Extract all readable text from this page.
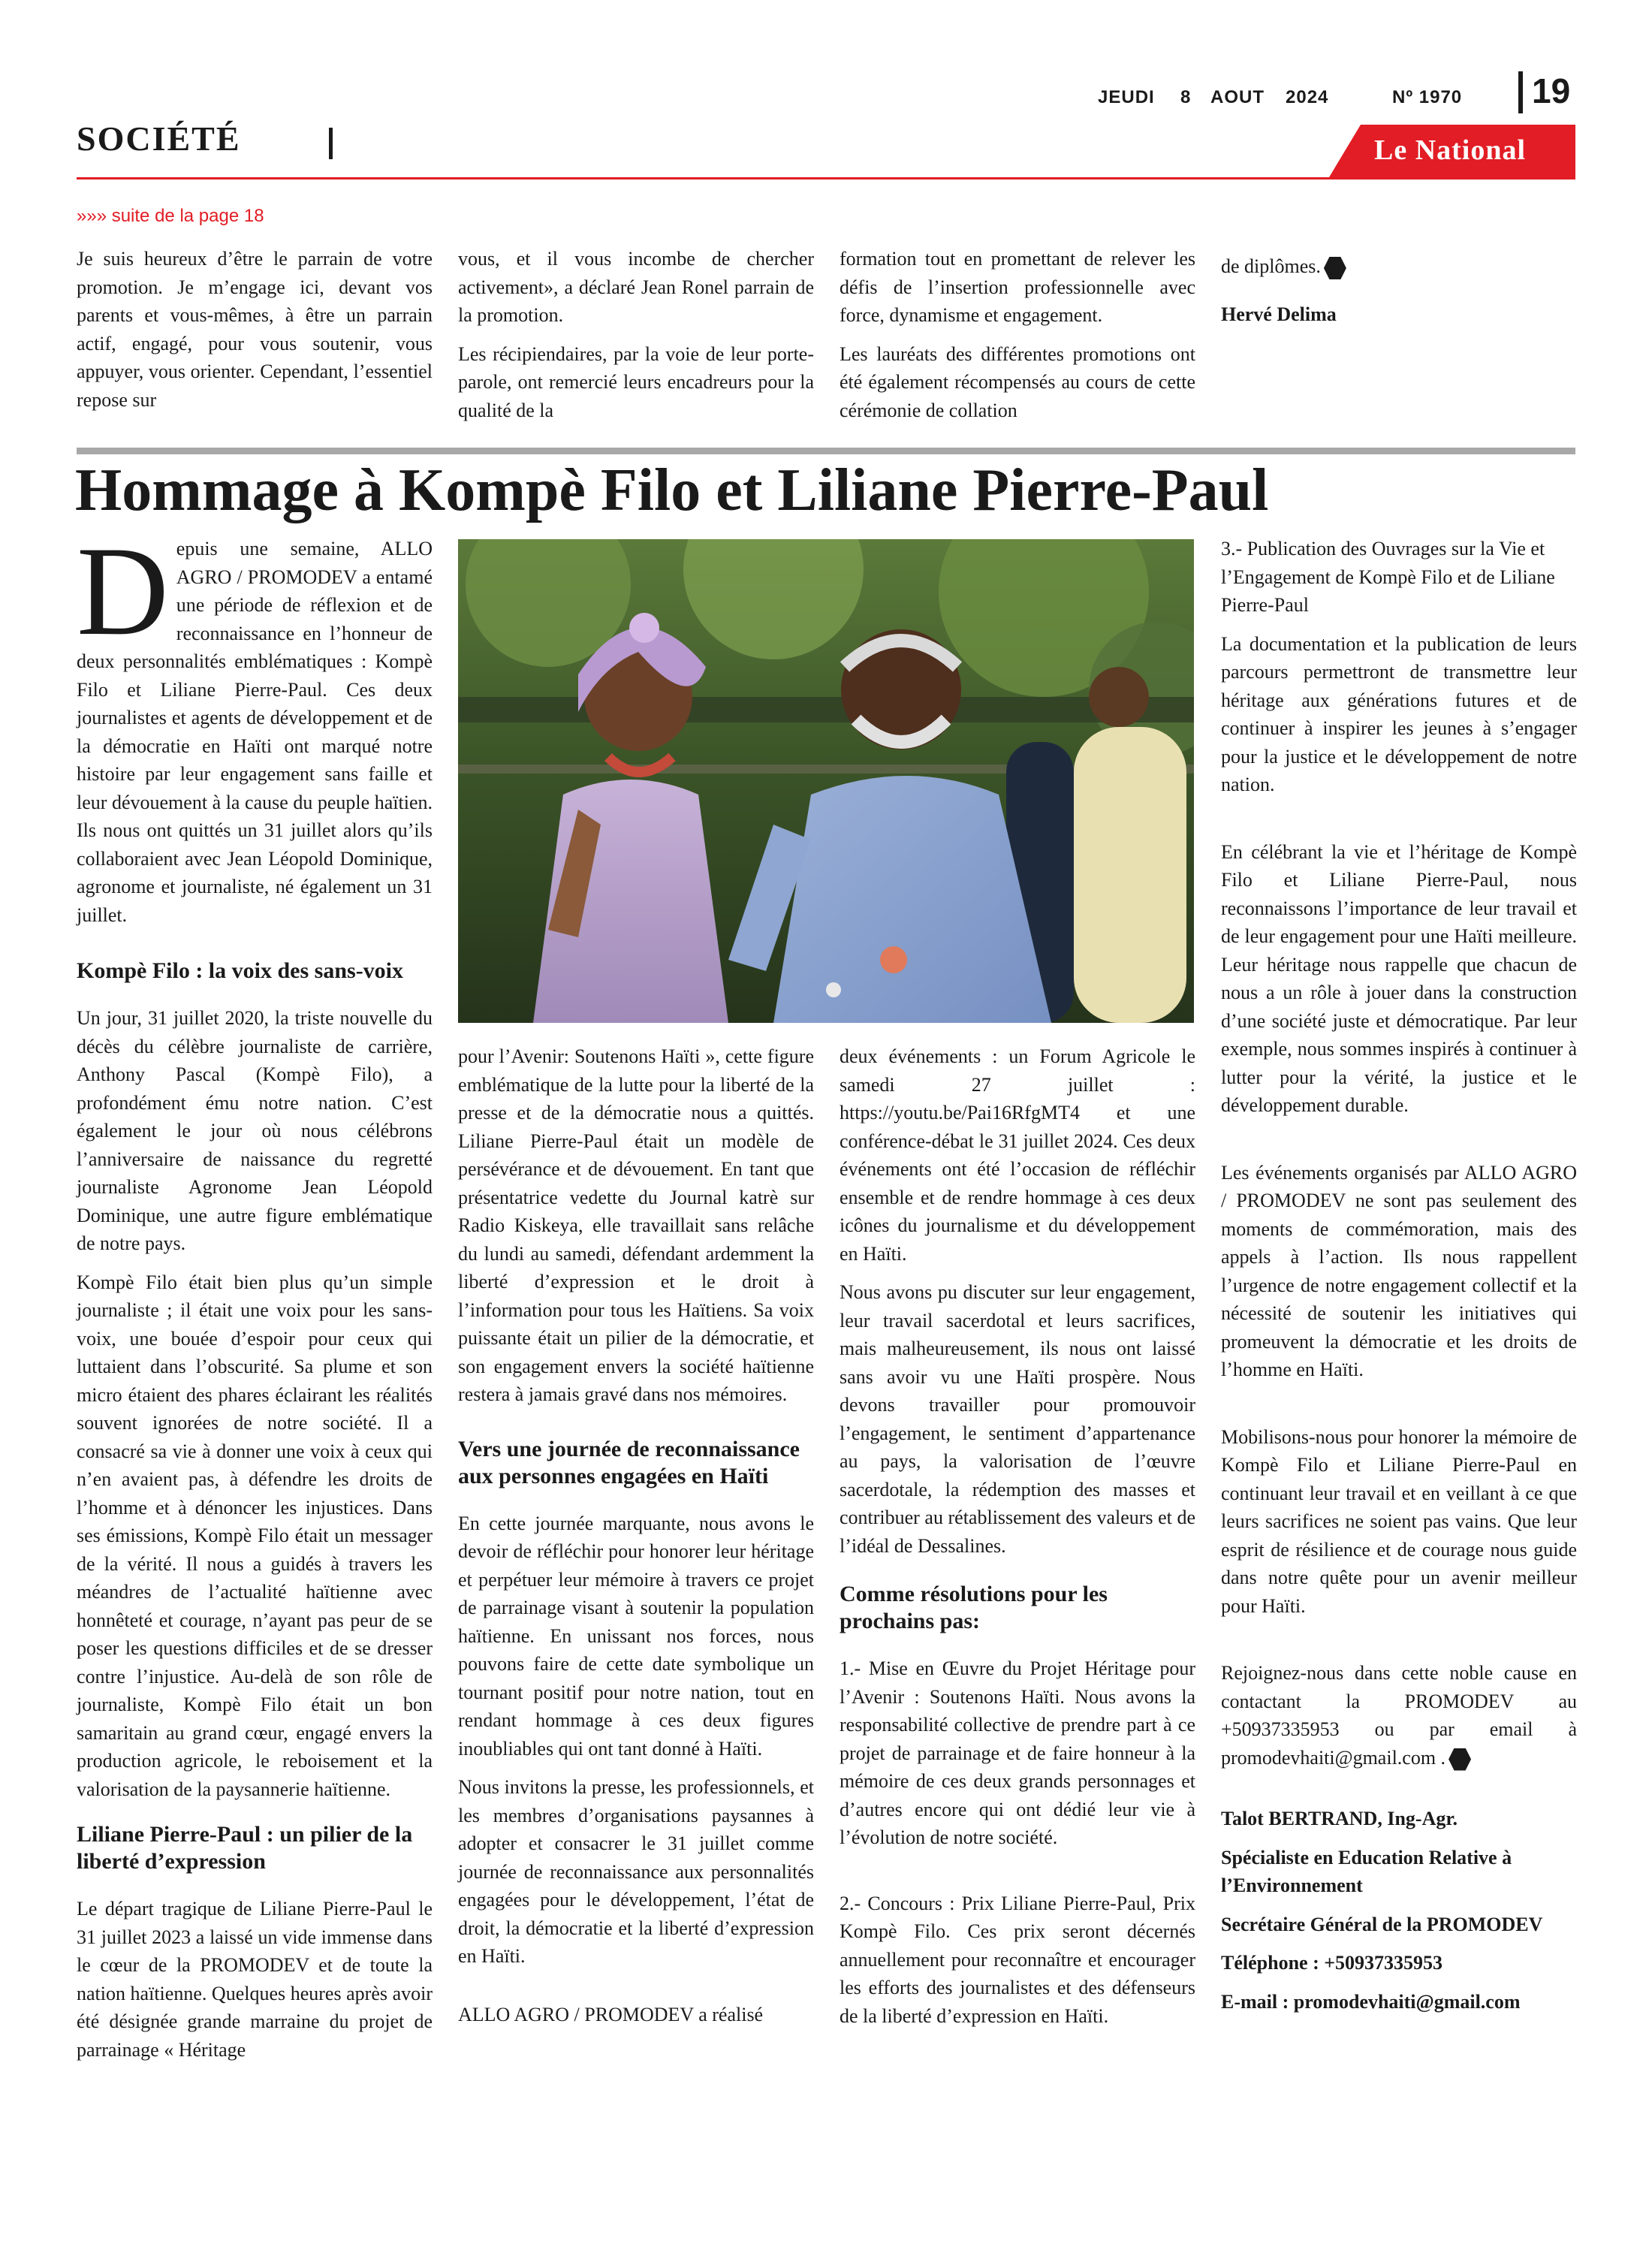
JEUDI 8 AOUT 2024	Nº 1970 19
SOCIÉTÉ	Le National
»»» suite de la page 18

Je suis heureux d’être le parrain de votre promotion. Je m’engage ici, devant vos parents et vous-mêmes, à être un parrain actif, engagé, pour vous soutenir, vous appuyer, vous orienter. Cependant, l’essentiel repose sur

vous, et il vous incombe de chercher activement», a déclaré Jean Ronel parrain de la promotion.

Les récipiendaires, par la voie de leur porte-parole, ont remercié leurs encadreurs pour la qualité de la

formation tout en promettant de relever les défis de l’insertion professionnelle avec force, dynamisme et engagement.

Les lauréats des différentes promotions ont été également récompensés au cours de cette cérémonie de collation

de diplômes.

Hervé Delima

Hommage à Kompè Filo et Liliane Pierre-Paul

Depuis une semaine, ALLO AGRO / PROMODEV a entamé une période de réflexion et de reconnaissance en l’honneur de deux personnalités emblématiques : Kompè Filo et Liliane Pierre-Paul. Ces deux journalistes et agents de développement et de la démocratie en Haïti ont marqué notre histoire par leur engagement sans faille et leur dévouement à la cause du peuple haïtien. Ils nous ont quittés un 31 juillet alors qu’ils collaboraient avec Jean Léopold Dominique, agronome et journaliste, né également un 31 juillet.

Kompè Filo : la voix des sans-voix

Un jour, 31 juillet 2020, la triste nouvelle du décès du célèbre journaliste de carrière, Anthony Pascal (Kompè Filo), a profondément ému notre nation. C’est également le jour où nous célébrons l’anniversaire de naissance du regretté journaliste Agronome Jean Léopold Dominique, une autre figure emblématique de notre pays.

Kompè Filo était bien plus qu’un simple journaliste ; il était une voix pour les sans-voix, une bouée d’espoir pour ceux qui luttaient dans l’obscurité. Sa plume et son micro étaient des phares éclairant les réalités souvent ignorées de notre société. Il a consacré sa vie à donner une voix à ceux qui n’en avaient pas, à défendre les droits de l’homme et à dénoncer les injustices. Dans ses émissions, Kompè Filo était un messager de la vérité. Il nous a guidés à travers les méandres de l’actualité haïtienne avec honnêteté et courage, n’ayant pas peur de se poser les questions difficiles et de se dresser contre l’injustice. Au-delà de son rôle de journaliste, Kompè Filo était un bon samaritain au grand cœur, engagé envers la production agricole, le reboisement et la valorisation de la paysannerie haïtienne.

Liliane Pierre-Paul : un pilier de la liberté d’expression

Le départ tragique de Liliane Pierre-Paul le 31 juillet 2023 a laissé un vide immense dans le cœur de la PROMODEV et de toute la nation haïtienne. Quelques heures après avoir été désignée grande marraine du projet de parrainage « Héritage

pour l’Avenir: Soutenons Haïti », cette figure emblématique de la lutte pour la liberté de la presse et de la démocratie nous a quittés. Liliane Pierre-Paul était un modèle de persévérance et de dévouement. En tant que présentatrice vedette du Journal katrè sur Radio Kiskeya, elle travaillait sans relâche du lundi au samedi, défendant ardemment la liberté d’expression et le droit à l’information pour tous les Haïtiens. Sa voix puissante était un pilier de la démocratie, et son engagement envers la société haïtienne restera à jamais gravé dans nos mémoires.

Vers une journée de reconnaissance aux personnes engagées en Haïti

En cette journée marquante, nous avons le devoir de réfléchir pour honorer leur héritage et perpétuer leur mémoire à travers ce projet de parrainage visant à soutenir la population haïtienne. En unissant nos forces, nous pouvons faire de cette date symbolique un tournant positif pour notre nation, tout en rendant hommage à ces deux figures inoubliables qui ont tant donné à Haïti.

Nous invitons la presse, les professionnels, et les membres d’organisations paysannes à adopter et consacrer le 31 juillet comme journée de reconnaissance aux personnalités engagées pour le développement, l’état de droit, la démocratie et la liberté d’expression en Haïti.

ALLO AGRO / PROMODEV a réalisé

deux événements : un Forum Agricole le samedi 27 juillet : https://youtu.be/Pai16RfgMT4 et une conférence-débat le 31 juillet 2024. Ces deux événements ont été l’occasion de réfléchir ensemble et de rendre hommage à ces deux icônes du journalisme et du développement en Haïti.

Nous avons pu discuter sur leur engagement, leur travail sacerdotal et leurs sacrifices, mais malheureusement, ils nous ont laissé sans avoir vu une Haïti prospère. Nous devons travailler pour promouvoir l’engagement, le sentiment d’appartenance au pays, la valorisation de l’œuvre sacerdotale, la rédemption des masses et contribuer au rétablissement des valeurs et de l’idéal de Dessalines.

Comme résolutions pour les prochains pas:

1.- Mise en Œuvre du Projet Héritage pour l’Avenir : Soutenons Haïti. Nous avons la responsabilité collective de prendre part à ce projet de parrainage et de faire honneur à la mémoire de ces deux grands personnages et d’autres encore qui ont dédié leur vie à l’évolution de notre société.

2.- Concours : Prix Liliane Pierre-Paul, Prix Kompè Filo. Ces prix seront décernés annuellement pour reconnaître et encourager les efforts des journalistes et des défenseurs de la liberté d’expression en Haïti.

3.- Publication des Ouvrages sur la Vie et l’Engagement de Kompè Filo et de Liliane Pierre-Paul

La documentation et la publication de leurs parcours permettront de transmettre leur héritage aux générations futures et de continuer à inspirer les jeunes à s’engager pour la justice et le développement de notre nation.

En célébrant la vie et l’héritage de Kompè Filo et Liliane Pierre-Paul, nous reconnaissons l’importance de leur travail et de leur engagement pour une Haïti meilleure. Leur héritage nous rappelle que chacun de nous a un rôle à jouer dans la construction d’une société juste et démocratique. Par leur exemple, nous sommes inspirés à continuer à lutter pour la vérité, la justice et le développement durable.

Les événements organisés par ALLO AGRO / PROMODEV ne sont pas seulement des moments de commémoration, mais des appels à l’action. Ils nous rappellent l’urgence de notre engagement collectif et la nécessité de soutenir les initiatives qui promeuvent la démocratie et les droits de l’homme en Haïti.

Mobilisons-nous pour honorer la mémoire de Kompè Filo et Liliane Pierre-Paul en continuant leur travail et en veillant à ce que leurs sacrifices ne soient pas vains. Que leur esprit de résilience et de courage nous guide dans notre quête pour un avenir meilleur pour Haïti.

Rejoignez-nous dans cette noble cause en contactant la PROMODEV au +50937335953 ou par email à promodevhaiti@gmail.com .

Talot BERTRAND, Ing-Agr.

Spécialiste en Education Relative à l’Environnement

Secrétaire Général de la PROMODEV

Téléphone : +50937335953

E-mail : promodevhaiti@gmail.com
